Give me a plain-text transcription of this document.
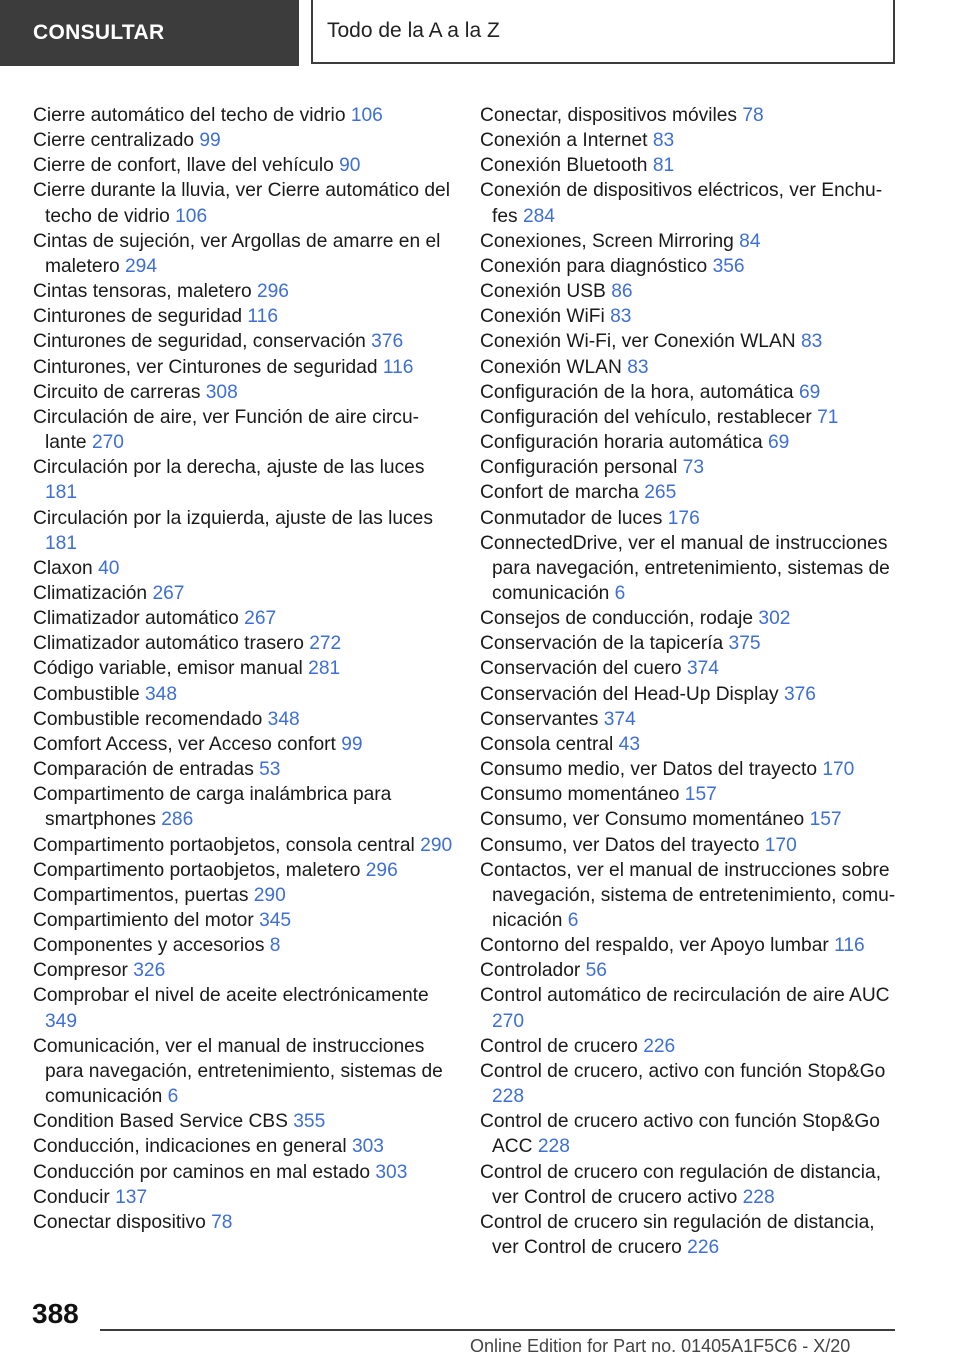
CONSULTAR	Todo de la A a la Z
Cierre automático del techo de vidrio 106
Cierre centralizado 99
Cierre de confort, llave del vehículo 90
Cierre durante la lluvia, ver Cierre automático del techo de vidrio 106
Cintas de sujeción, ver Argollas de amarre en el maletero 294
Cintas tensoras, maletero 296
Cinturones de seguridad 116
Cinturones de seguridad, conservación 376
Cinturones, ver Cinturones de seguridad 116
Circuito de carreras 308
Circulación de aire, ver Función de aire circulante 270
Circulación por la derecha, ajuste de las luces 181
Circulación por la izquierda, ajuste de las luces 181
Claxon 40
Climatización 267
Climatizador automático 267
Climatizador automático trasero 272
Código variable, emisor manual 281
Combustible 348
Combustible recomendado 348
Comfort Access, ver Acceso confort 99
Comparación de entradas 53
Compartimento de carga inalámbrica para smartphones 286
Compartimento portaobjetos, consola central 290
Compartimento portaobjetos, maletero 296
Compartimentos, puertas 290
Compartimiento del motor 345
Componentes y accesorios 8
Compresor 326
Comprobar el nivel de aceite electrónicamente 349
Comunicación, ver el manual de instrucciones para navegación, entretenimiento, sistemas de comunicación 6
Condition Based Service CBS 355
Conducción, indicaciones en general 303
Conducción por caminos en mal estado 303
Conducir 137
Conectar dispositivo 78
Conectar, dispositivos móviles 78
Conexión a Internet 83
Conexión Bluetooth 81
Conexión de dispositivos eléctricos, ver Enchufes 284
Conexiones, Screen Mirroring 84
Conexión para diagnóstico 356
Conexión USB 86
Conexión WiFi 83
Conexión Wi-Fi, ver Conexión WLAN 83
Conexión WLAN 83
Configuración de la hora, automática 69
Configuración del vehículo, restablecer 71
Configuración horaria automática 69
Configuración personal 73
Confort de marcha 265
Conmutador de luces 176
ConnectedDrive, ver el manual de instrucciones para navegación, entretenimiento, sistemas de comunicación 6
Consejos de conducción, rodaje 302
Conservación de la tapicería 375
Conservación del cuero 374
Conservación del Head-Up Display 376
Conservantes 374
Consola central 43
Consumo medio, ver Datos del trayecto 170
Consumo momentáneo 157
Consumo, ver Consumo momentáneo 157
Consumo, ver Datos del trayecto 170
Contactos, ver el manual de instrucciones sobre navegación, sistema de entretenimiento, comunicación 6
Contorno del respaldo, ver Apoyo lumbar 116
Controlador 56
Control automático de recirculación de aire AUC 270
Control de crucero 226
Control de crucero, activo con función Stop&Go 228
Control de crucero activo con función Stop&Go ACC 228
Control de crucero con regulación de distancia, ver Control de crucero activo 228
Control de crucero sin regulación de distancia, ver Control de crucero 226
388
Online Edition for Part no. 01405A1F5C6 - X/20
